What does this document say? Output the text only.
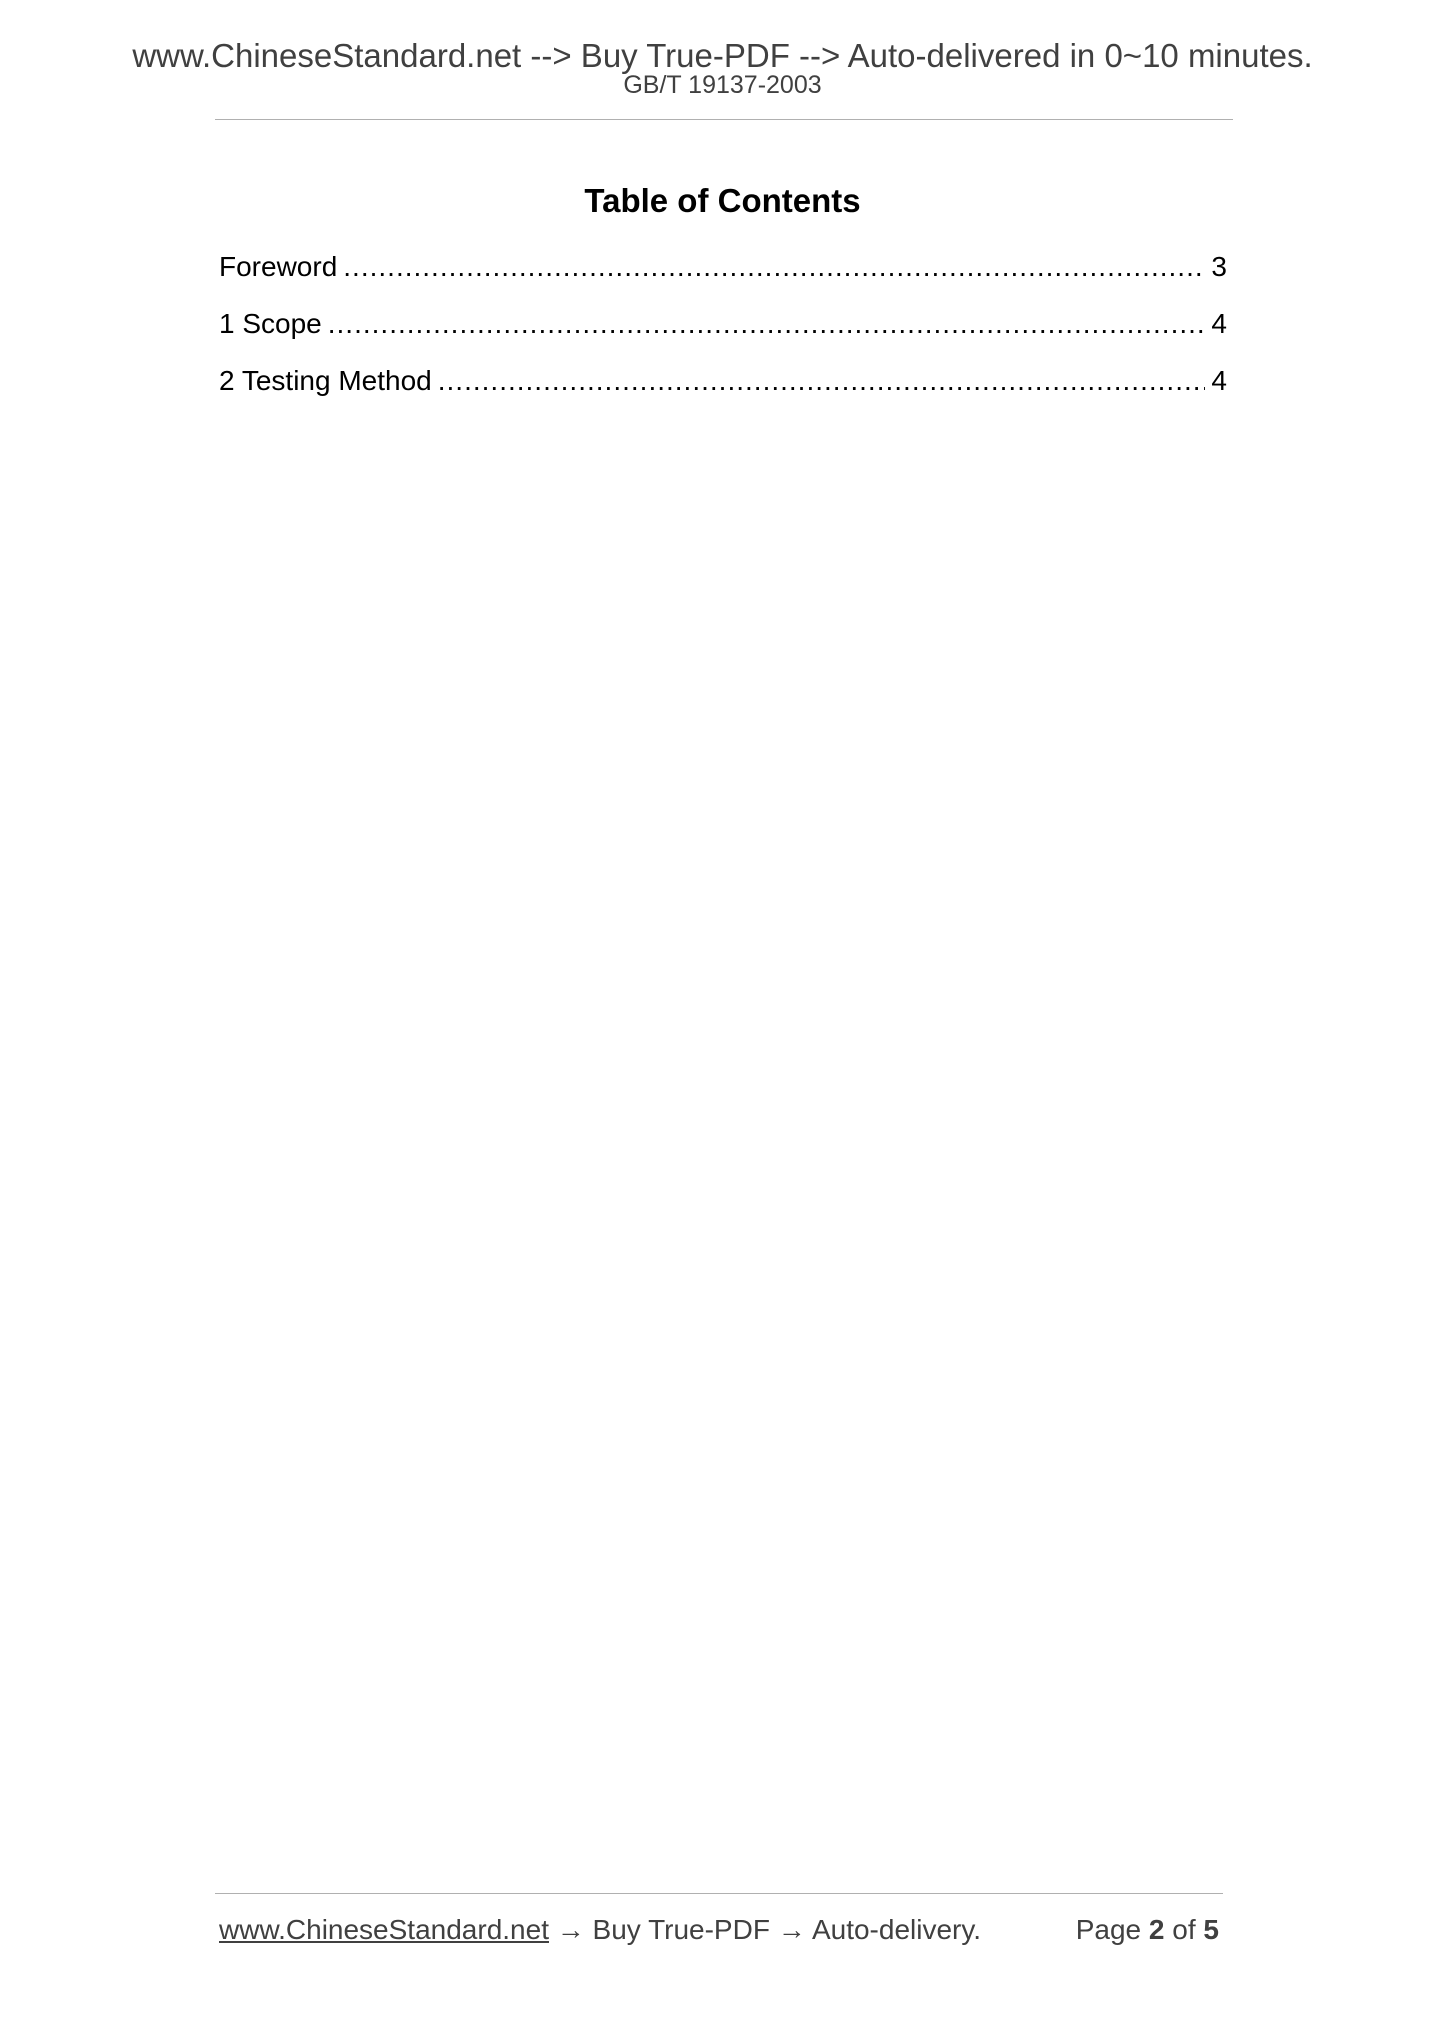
www.ChineseStandard.net --> Buy True-PDF --> Auto-delivered in 0~10 minutes.
GB/T 19137-2003
Table of Contents
Foreword .....	3
1 Scope .....	4
2 Testing Method .....	4
www.ChineseStandard.net → Buy True-PDF → Auto-delivery.	Page 2 of 5
